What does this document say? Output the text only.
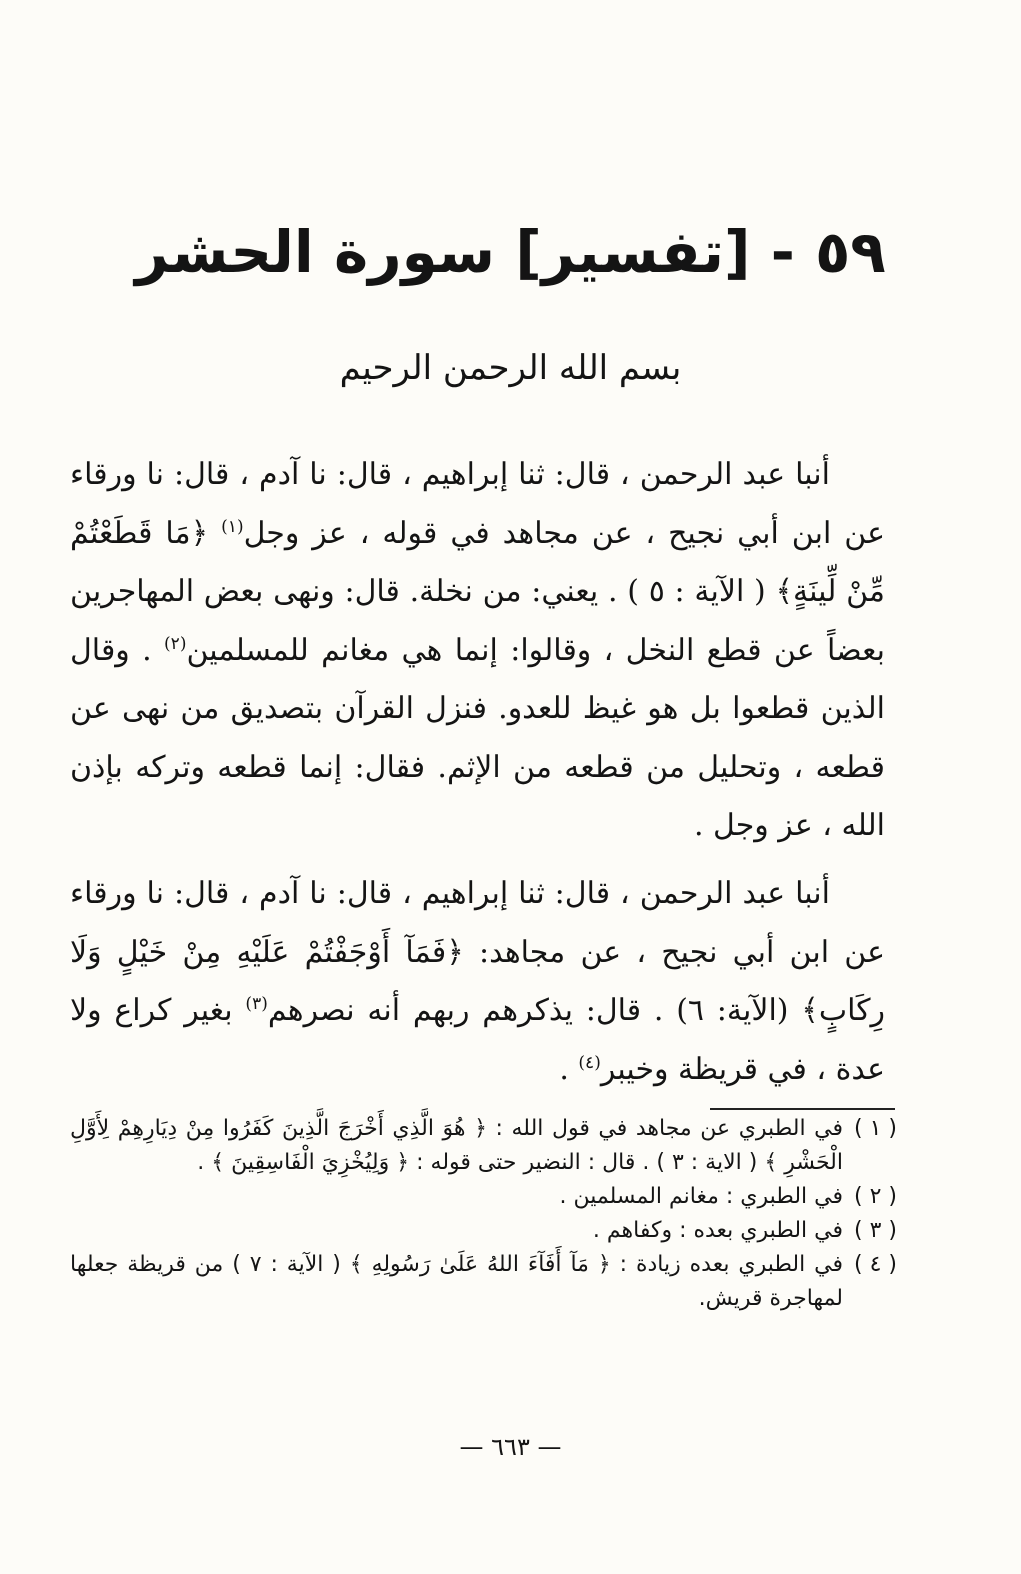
٥٩ - [تفسير] سورة الحشر
بسم الله الرحمن الرحيم

أنبا عبد الرحمن ، قال: ثنا إبراهيم ، قال: نا آدم ، قال: نا ورقاء عن ابن أبي نجيح ، عن مجاهد في قوله ، عز وجل$^{(١)}$ ﴿مَا قَطَعْتُمْ مِّنْ لِّينَةٍ﴾ ( الآية : ٥ ) . يعني: من نخلة. قال: ونهى بعض المهاجرين بعضاً عن قطع النخل ، وقالوا: إنما هي مغانم للمسلمين$^{(٢)}$ . وقال الذين قطعوا بل هو غيظ للعدو. فنزل القرآن بتصديق من نهى عن قطعه ، وتحليل من قطعه من الإثم. فقال: إنما قطعه وتركه بإذن الله ، عز وجل .

أنبا عبد الرحمن ، قال: ثنا إبراهيم ، قال: نا آدم ، قال: نا ورقاء عن ابن أبي نجيح ، عن مجاهد: ﴿فَمَآ أَوْجَفْتُمْ عَلَيْهِ مِنْ خَيْلٍ وَلَا رِكَابٍ﴾ (الآية: ٦) . قال: يذكرهم ربهم أنه نصرهم$^{(٣)}$ بغير كراع ولا عدة ، في قريظة وخيبر$^{(٤)}$ .

( ١ )
في الطبري عن مجاهد في قول الله : ﴿ هُوَ الَّذِي أَخْرَجَ الَّذِينَ كَفَرُوا مِنْ دِيَارِهِمْ لِأَوَّلِ الْحَشْرِ ﴾ ( الاية : ٣ ) . قال : النضير حتى قوله : ﴿ وَلِيُخْزِيَ الْفَاسِقِينَ ﴾ .
( ٢ )
في الطبري : مغانم المسلمين .
( ٣ )
في الطبري بعده : وكفاهم .
( ٤ )
في الطبري بعده زيادة : ﴿ مَآ أَفَآءَ اللهُ عَلَىٰ رَسُولِهِ ﴾ ( الآية : ٧ ) من قريظة جعلها لمهاجرة قريش.
— ٦٦٣ —
